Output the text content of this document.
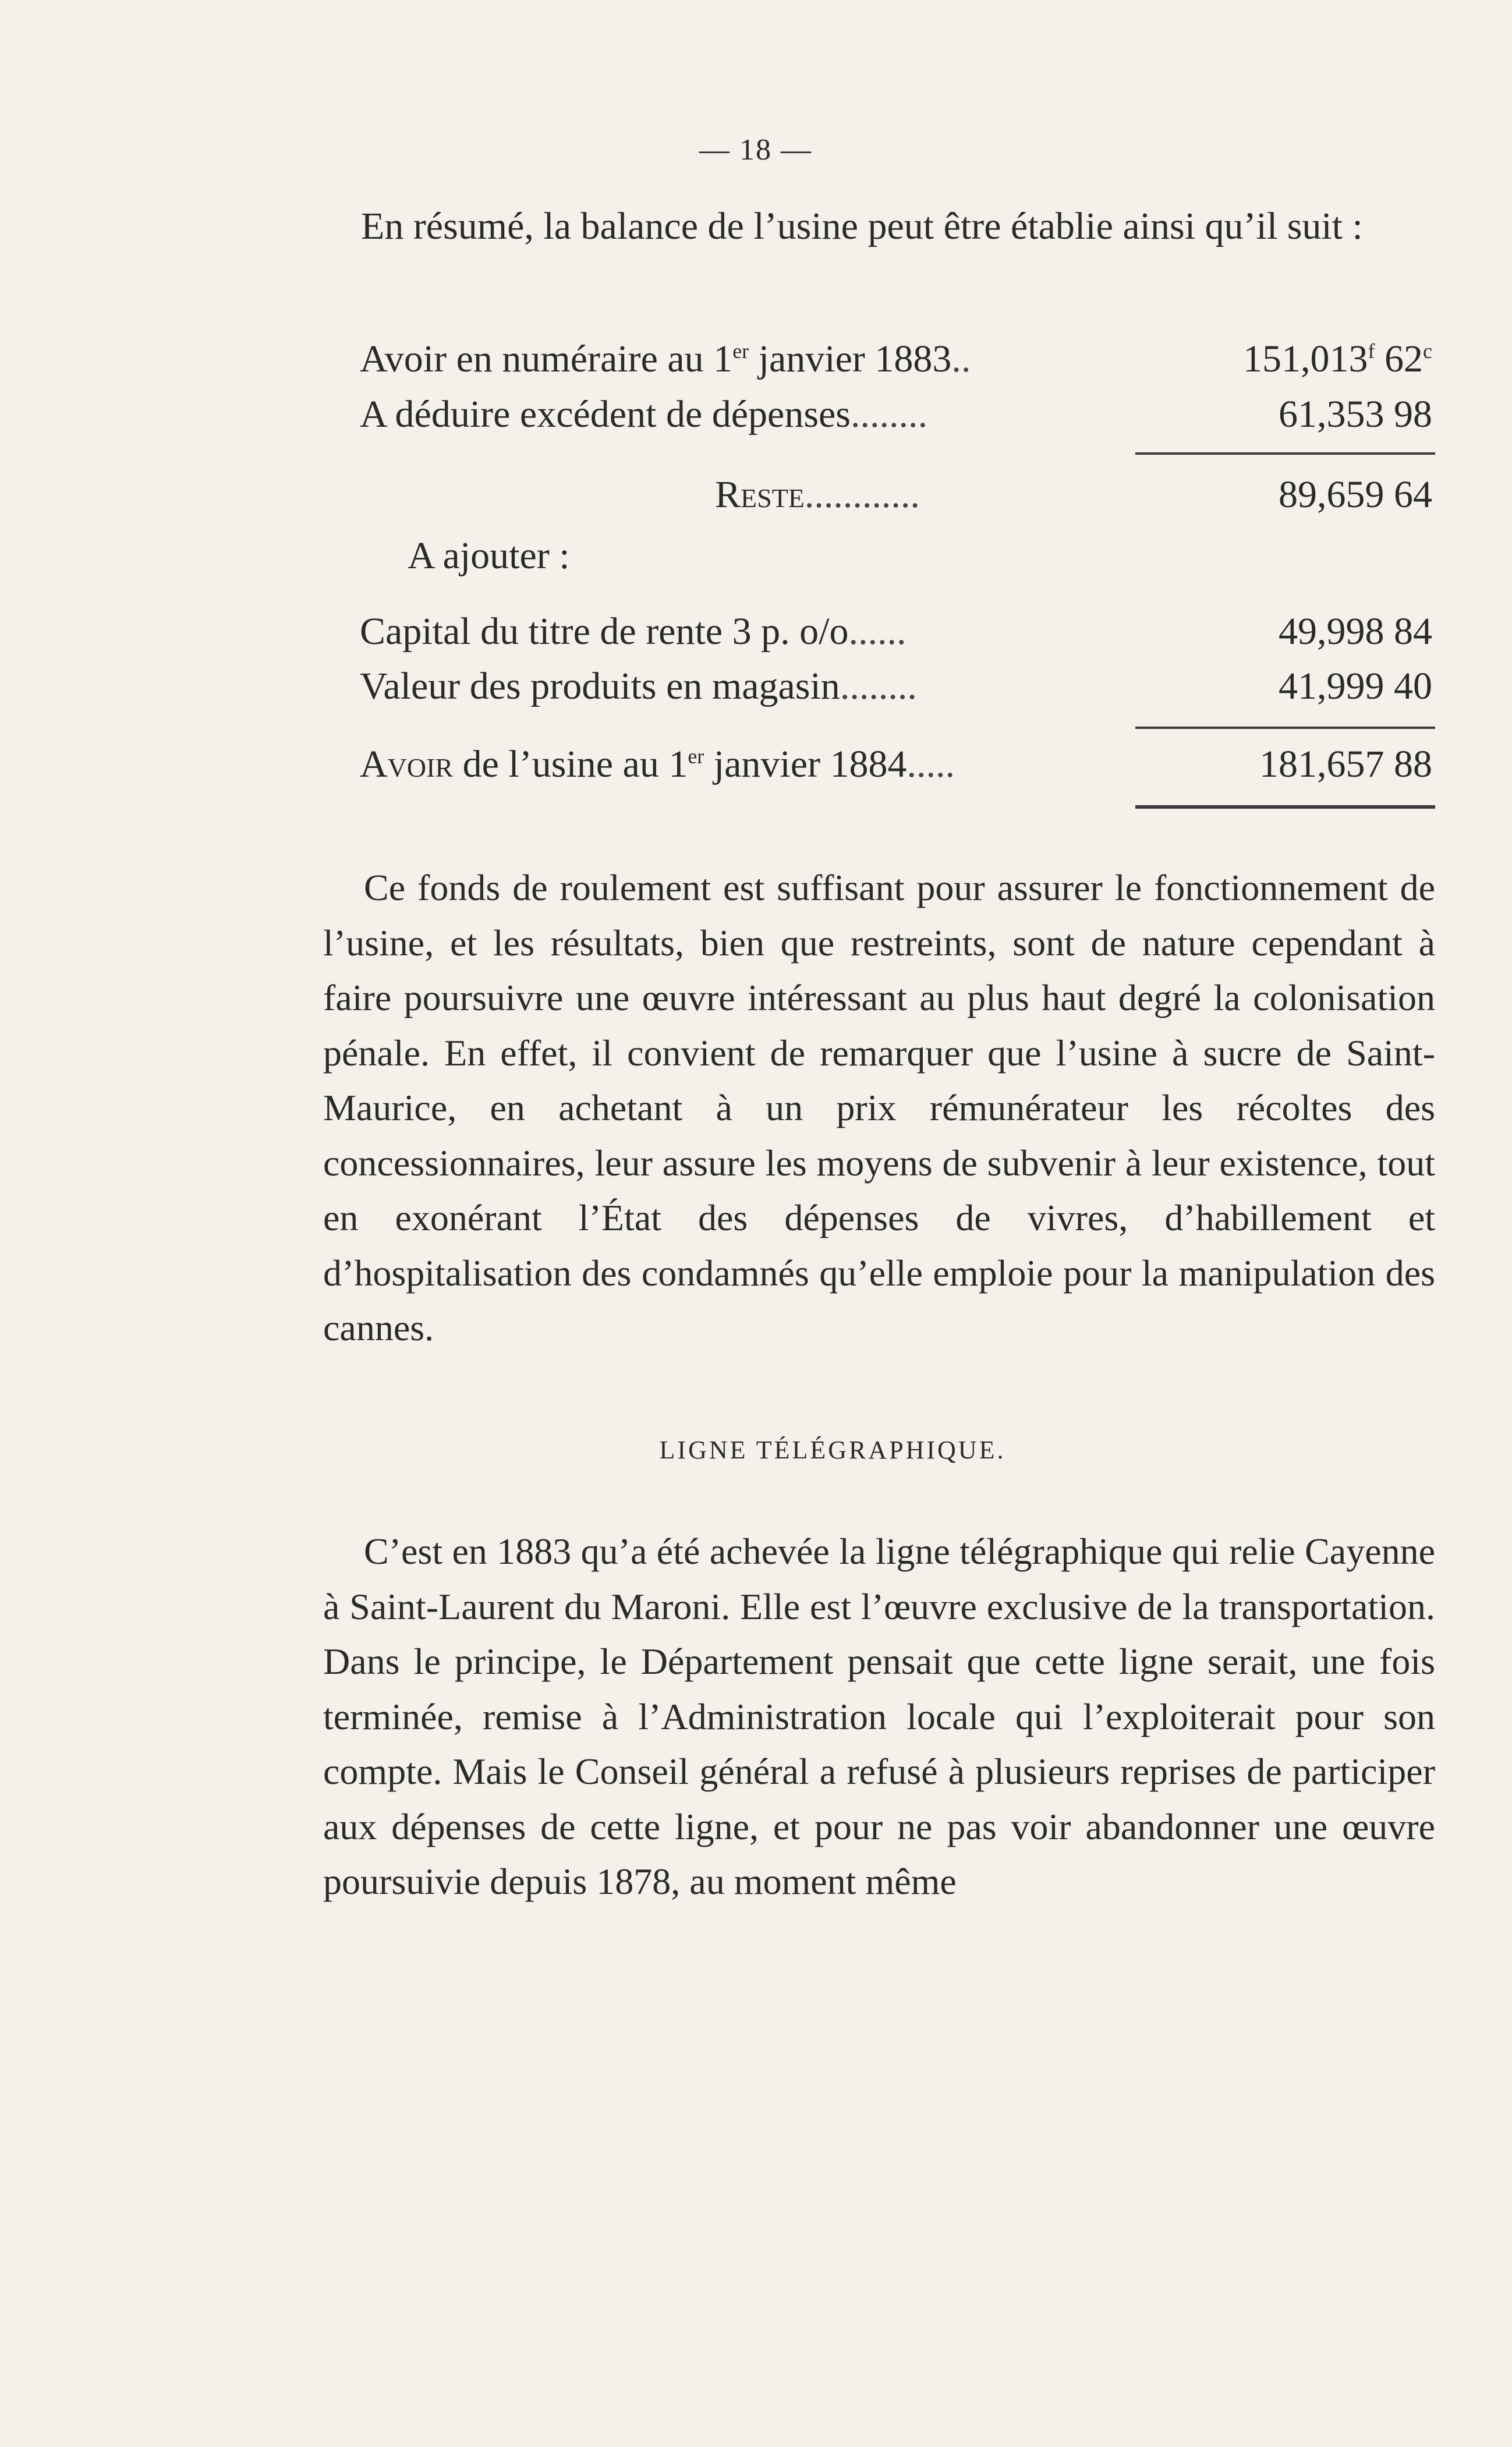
— 18 —
En résumé, la balance de l’usine peut être établie ainsi qu’il suit :
Avoir en numéraire au 1er janvier 1883..	151,013$^f$ 62$^c$
A déduire excédent de dépenses........	61,353 98
Reste............	89,659 64
A ajouter :
Capital du titre de rente 3 p. o/o......	49,998 84
Valeur des produits en magasin........	41,999 40
Avoir de l’usine au 1er janvier 1884.....	181,657 88
Ce fonds de roulement est suffisant pour assurer le fonctionnement de l’usine, et les résultats, bien que restreints, sont de nature cependant à faire poursuivre une œuvre intéressant au plus haut degré la colonisation pénale. En effet, il convient de remarquer que l’usine à sucre de Saint-Maurice, en achetant à un prix rémunérateur les récoltes des concessionnaires, leur assure les moyens de subvenir à leur existence, tout en exonérant l’État des dépenses de vivres, d’habillement et d’hospitalisation des condamnés qu’elle emploie pour la manipulation des cannes.
LIGNE TÉLÉGRAPHIQUE.
C’est en 1883 qu’a été achevée la ligne télégraphique qui relie Cayenne à Saint-Laurent du Maroni. Elle est l’œuvre exclusive de la transportation. Dans le principe, le Département pensait que cette ligne serait, une fois terminée, remise à l’Administration locale qui l’exploiterait pour son compte. Mais le Conseil général a refusé à plusieurs reprises de participer aux dépenses de cette ligne, et pour ne pas voir abandonner une œuvre poursuivie depuis 1878, au moment même
